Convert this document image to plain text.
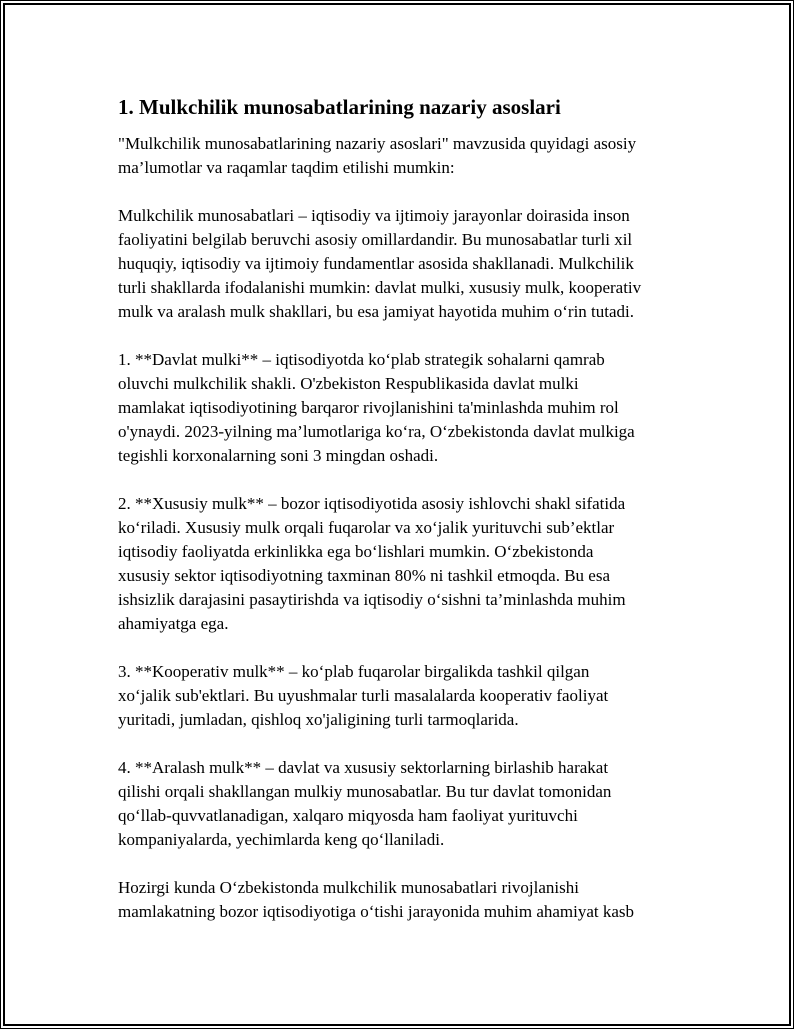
1. Mulkchilik munosabatlarining nazariy asoslari

"Mulkchilik munosabatlarining nazariy asoslari" mavzusida quyidagi asosiy
ma’lumotlar va raqamlar taqdim etilishi mumkin:

Mulkchilik munosabatlari – iqtisodiy va ijtimoiy jarayonlar doirasida inson
faoliyatini belgilab beruvchi asosiy omillardandir. Bu munosabatlar turli xil
huquqiy, iqtisodiy va ijtimoiy fundamentlar asosida shakllanadi. Mulkchilik
turli shakllarda ifodalanishi mumkin: davlat mulki, xususiy mulk, kooperativ
mulk va aralash mulk shakllari, bu esa jamiyat hayotida muhim o‘rin tutadi.

1. **Davlat mulki** – iqtisodiyotda ko‘plab strategik sohalarni qamrab
oluvchi mulkchilik shakli. O'zbekiston Respublikasida davlat mulki
mamlakat iqtisodiyotining barqaror rivojlanishini ta'minlashda muhim rol
o'ynaydi. 2023-yilning ma’lumotlariga ko‘ra, O‘zbekistonda davlat mulkiga
tegishli korxonalarning soni 3 mingdan oshadi.

2. **Xususiy mulk** – bozor iqtisodiyotida asosiy ishlovchi shakl sifatida
ko‘riladi. Xususiy mulk orqali fuqarolar va xo‘jalik yurituvchi sub’ektlar
iqtisodiy faoliyatda erkinlikka ega bo‘lishlari mumkin. O‘zbekistonda
xususiy sektor iqtisodiyotning taxminan 80% ni tashkil etmoqda. Bu esa
ishsizlik darajasini pasaytirishda va iqtisodiy o‘sishni ta’minlashda muhim
ahamiyatga ega.

3. **Kooperativ mulk** – ko‘plab fuqarolar birgalikda tashkil qilgan
xo‘jalik sub'ektlari. Bu uyushmalar turli masalalarda kooperativ faoliyat
yuritadi, jumladan, qishloq xo'jaligining turli tarmoqlarida.

4. **Aralash mulk** – davlat va xususiy sektorlarning birlashib harakat
qilishi orqali shakllangan mulkiy munosabatlar. Bu tur davlat tomonidan
qo‘llab-quvvatlanadigan, xalqaro miqyosda ham faoliyat yurituvchi
kompaniyalarda, yechimlarda keng qo‘llaniladi.

Hozirgi kunda O‘zbekistonda mulkchilik munosabatlari rivojlanishi
mamlakatning bozor iqtisodiyotiga o‘tishi jarayonida muhim ahamiyat kasb
